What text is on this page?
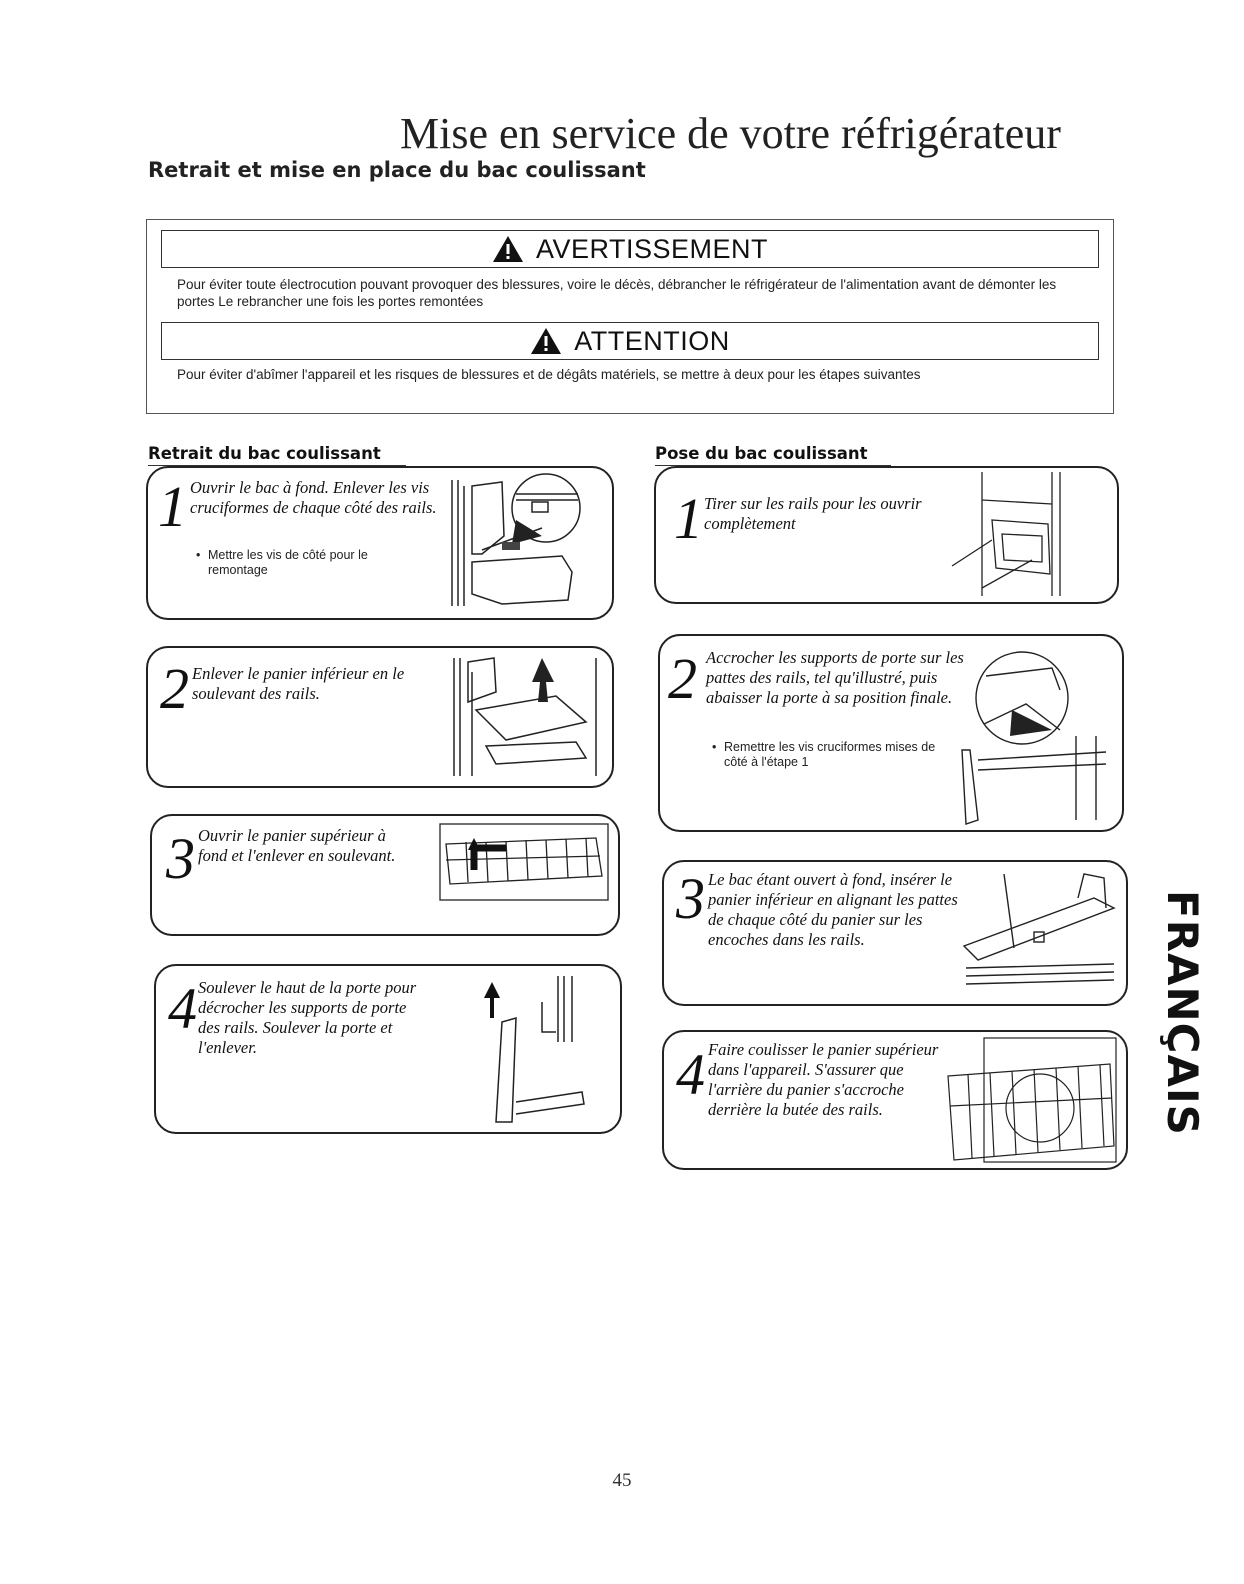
Mise en service de votre réfrigérateur
Retrait et mise en place du bac coulissant
AVERTISSEMENT
Pour éviter toute électrocution pouvant provoquer des blessures, voire le décès, débrancher le réfrigérateur de l'alimentation avant de démonter les portes Le rebrancher une fois les portes remontées
ATTENTION
Pour éviter d'abîmer l'appareil et les risques de blessures et de dégâts matériels, se mettre à deux pour les étapes suivantes
Retrait du bac coulissant	Pose du bac coulissant
1 Ouvrir le bac à fond. Enlever les vis cruciformes de chaque côté des rails.
• Mettre les vis de côté pour le remontage
2 Enlever le panier inférieur en le soulevant des rails.
3 Ouvrir le panier supérieur à fond et l'enlever en soulevant.
4 Soulever le haut de la porte pour décrocher les supports de porte des rails. Soulever la porte et l'enlever.
1 Tirer sur les rails pour les ouvrir complètement
2 Accrocher les supports de porte sur les pattes des rails, tel qu'illustré, puis abaisser la porte à sa position finale.
• Remettre les vis cruciformes mises de côté à l'étape 1
3 Le bac étant ouvert à fond, insérer le panier inférieur en alignant les pattes de chaque côté du panier sur les encoches dans les rails.
4 Faire coulisser le panier supérieur dans l'appareil. S'assurer que l'arrière du panier s'accroche derrière la butée des rails.	FRANÇAIS
45
